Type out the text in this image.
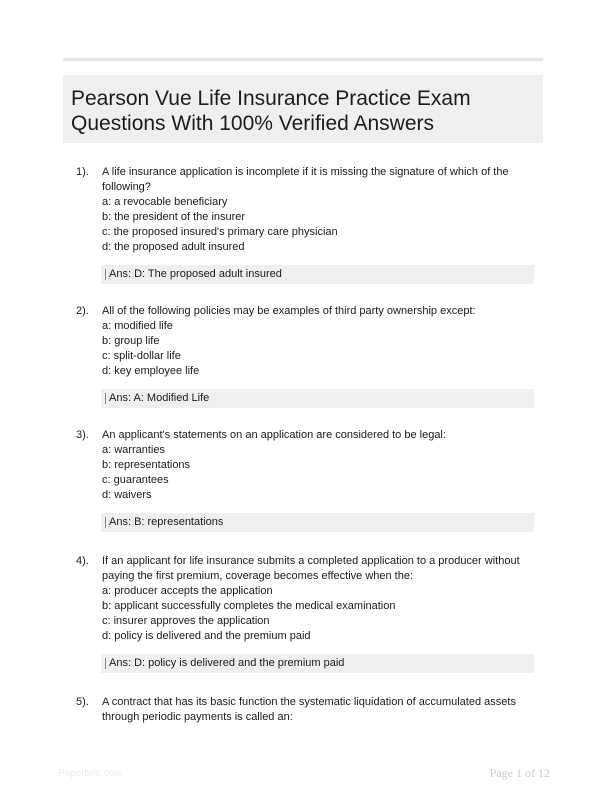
Pearson Vue Life Insurance Practice Exam Questions With 100% Verified Answers
1). A life insurance application is incomplete if it is missing the signature of which of the following?

a: a revocable beneficiary

b: the president of the insurer

c: the proposed insured's primary care physician

d: the proposed adult insured

Ans: D: The proposed adult insured
2). All of the following policies may be examples of third party ownership except:

a: modified life

b: group life

c: split-dollar life

d: key employee life

Ans: A: Modified Life
3). An applicant's statements on an application are considered to be legal:

a: warranties

b: representations

c: guarantees

d: waivers

Ans: B: representations
4). If an applicant for life insurance submits a completed application to a producer without paying the first premium, coverage becomes effective when the:

a: producer accepts the application

b: applicant successfully completes the medical examination

c: insurer approves the application

d: policy is delivered and the premium paid

Ans: D: policy is delivered and the premium paid
5). A contract that has its basic function the systematic liquidation of accumulated assets through periodic payments is called an:

Paperbric.com	Page 1 of 12
